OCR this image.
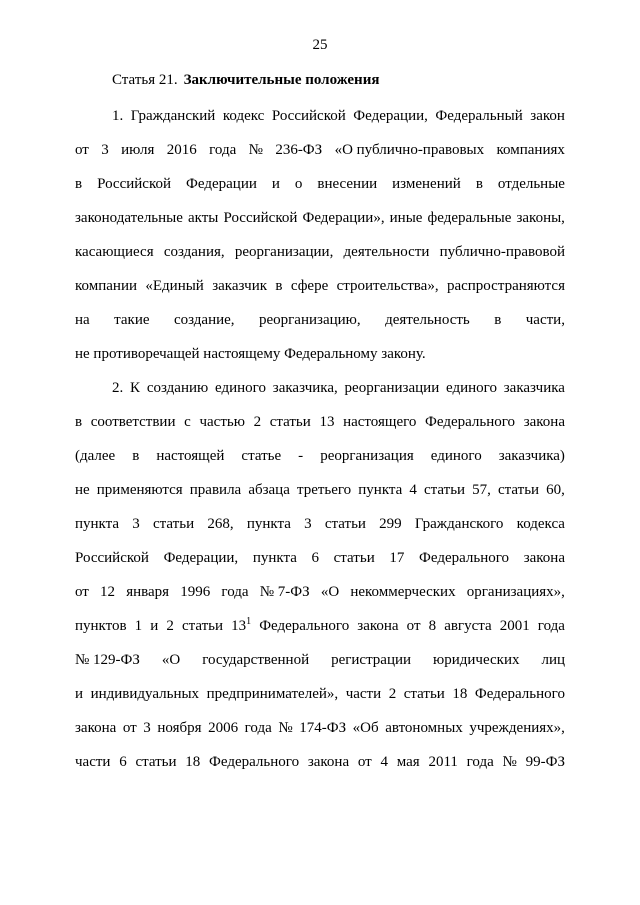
25
Статья 21. Заключительные положения
1. Гражданский кодекс Российской Федерации, Федеральный закон
от 3 июля 2016 года № 236-ФЗ «О публично-правовых компаниях
в Российской Федерации и о внесении изменений в отдельные
законодательные акты Российской Федерации», иные федеральные законы,
касающиеся создания, реорганизации, деятельности публично-правовой
компании «Единый заказчик в сфере строительства», распространяются
на такие создание, реорганизацию, деятельность в части,
не противоречащей настоящему Федеральному закону.
2. К созданию единого заказчика, реорганизации единого заказчика
в соответствии с частью 2 статьи 13 настоящего Федерального закона
(далее в настоящей статье - реорганизация единого заказчика)
не применяются правила абзаца третьего пункта 4 статьи 57, статьи 60,
пункта 3 статьи 268, пункта 3 статьи 299 Гражданского кодекса
Российской Федерации, пункта 6 статьи 17 Федерального закона
от 12 января 1996 года № 7-ФЗ «О некоммерческих организациях»,
пунктов 1 и 2 статьи $13^1$ Федерального закона от 8 августа 2001 года
№ 129-ФЗ «О государственной регистрации юридических лиц
и индивидуальных предпринимателей», части 2 статьи 18 Федерального
закона от 3 ноября 2006 года № 174-ФЗ «Об автономных учреждениях»,
части 6 статьи 18 Федерального закона от 4 мая 2011 года № 99-ФЗ
